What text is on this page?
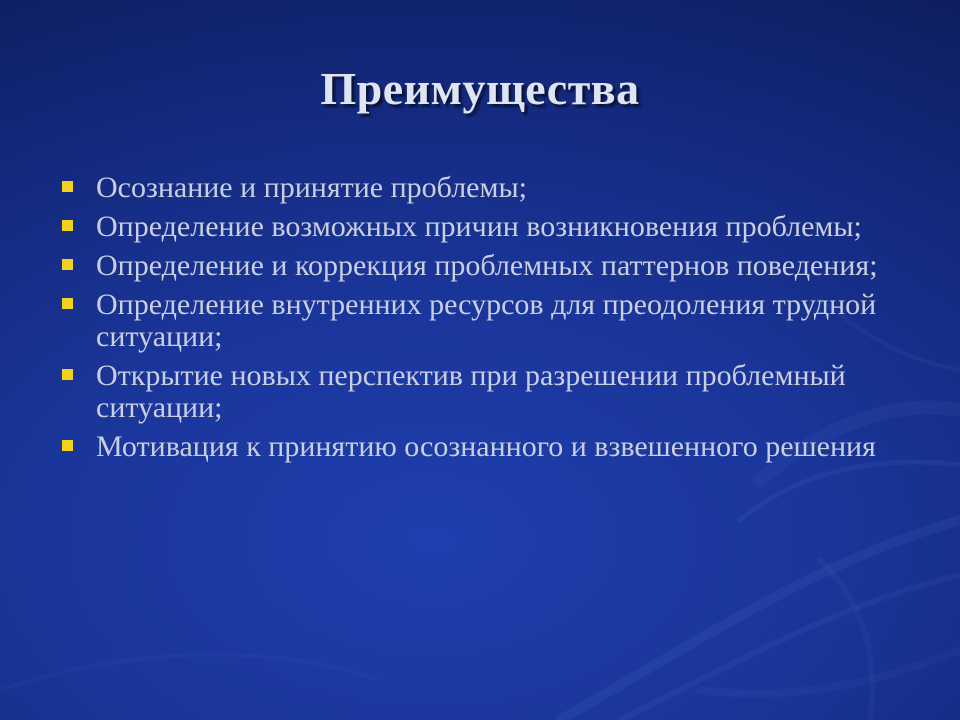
Преимущества
Осознание и принятие проблемы;
Определение возможных причин возникновения проблемы;
Определение и коррекция проблемных паттернов поведения;
Определение внутренних ресурсов для преодоления трудной ситуации;
Открытие новых перспектив при разрешении проблемный ситуации;
Мотивация к принятию осознанного и взвешенного решения
